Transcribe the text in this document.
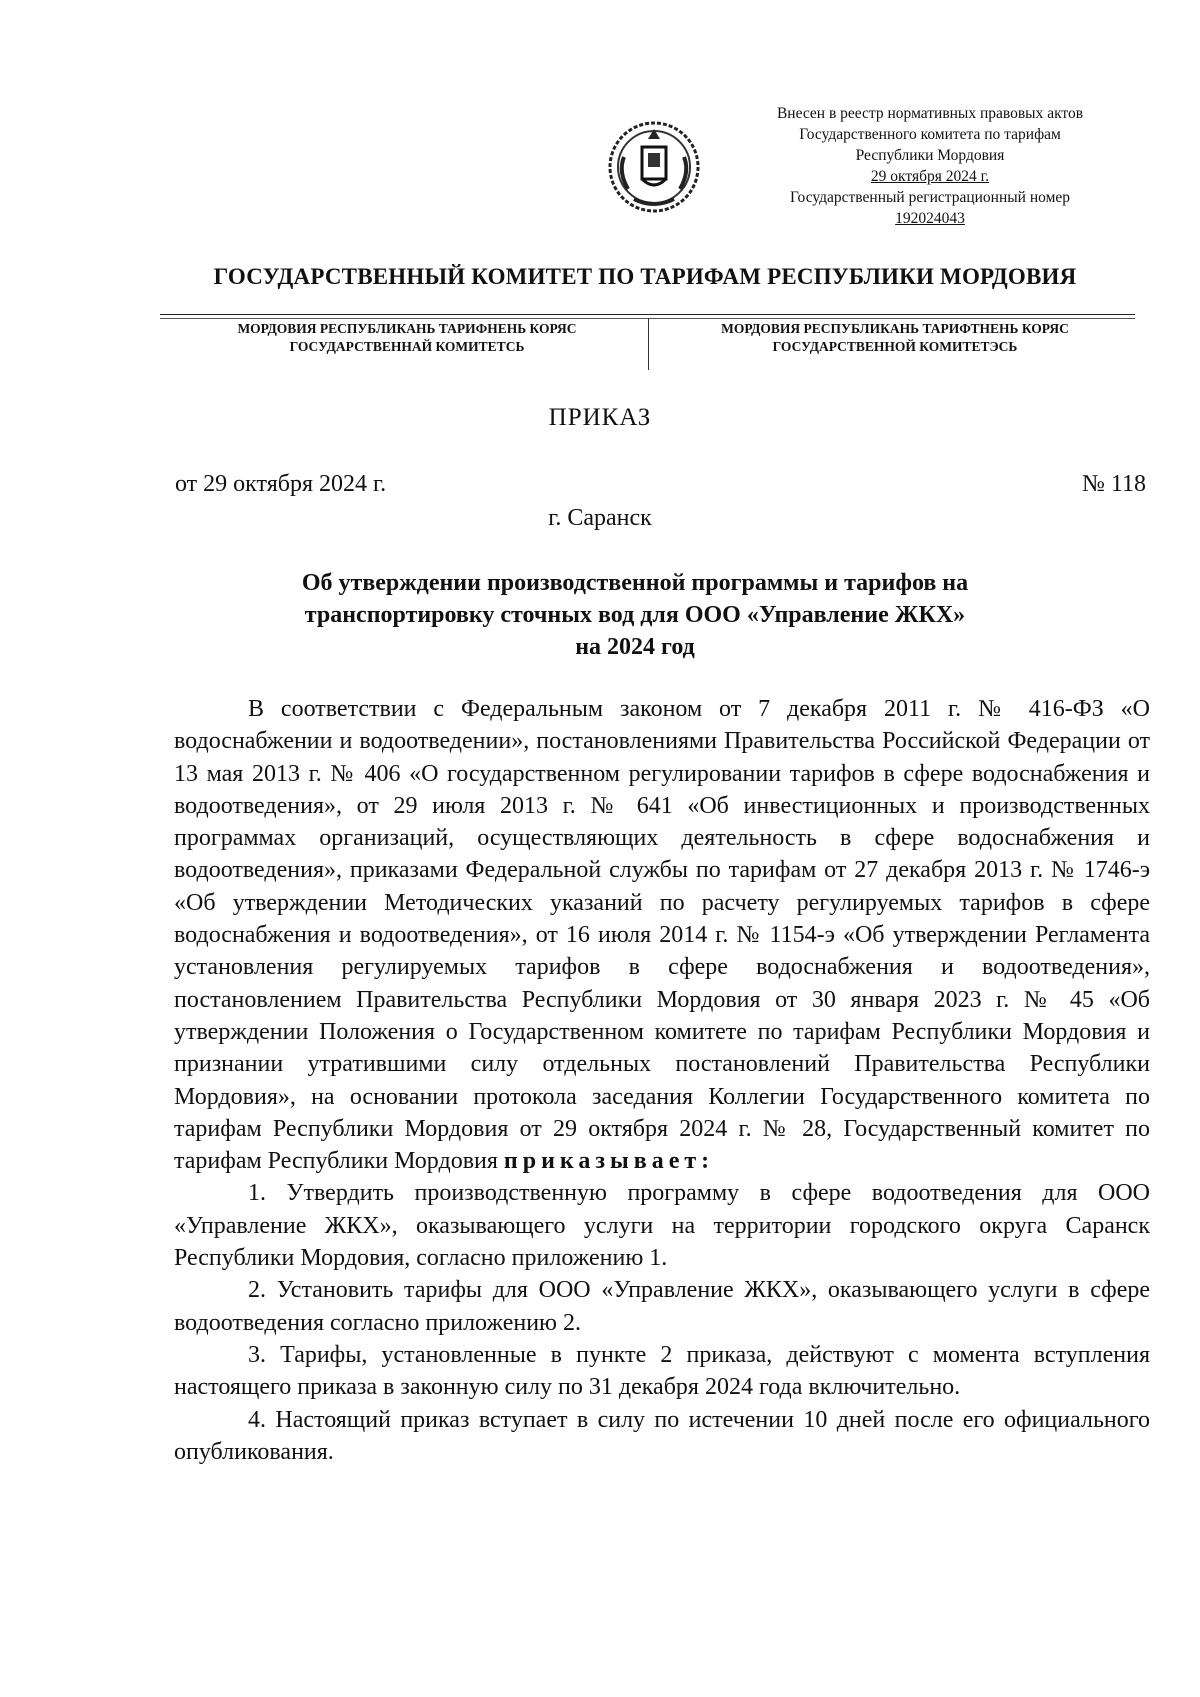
Внесен в реестр нормативных правовых актов
Государственного комитета по тарифам
Республики Мордовия
29 октября 2024 г.
Государственный регистрационный номер
192024043
ГОСУДАРСТВЕННЫЙ КОМИТЕТ ПО ТАРИФАМ РЕСПУБЛИКИ МОРДОВИЯ
МОРДОВИЯ РЕСПУБЛИКАНЬ ТАРИФНЕНЬ КОРЯС
ГОСУДАРСТВЕННАЙ КОМИТЕТСЬ
МОРДОВИЯ РЕСПУБЛИКАНЬ ТАРИФТНЕНЬ КОРЯС
ГОСУДАРСТВЕННОЙ КОМИТЕТЭСЬ
ПРИКАЗ
от 29 октября 2024 г.	№ 118
г. Саранск
Об утверждении производственной программы и тарифов на
транспортировку сточных вод для ООО «Управление ЖКХ»
на 2024 год

В соответствии с Федеральным законом от 7 декабря 2011 г. № 416-ФЗ «О водоснабжении и водоотведении», постановлениями Правительства Российской Федерации от 13 мая 2013 г. № 406 «О государственном регулировании тарифов в сфере водоснабжения и водоотведения», от 29 июля 2013 г. № 641 «Об инвестиционных и производственных программах организаций, осуществляющих деятельность в сфере водоснабжения и водоотведения», приказами Федеральной службы по тарифам от 27 декабря 2013 г. № 1746-э «Об утверждении Методических указаний по расчету регулируемых тарифов в сфере водоснабжения и водоотведения», от 16 июля 2014 г. № 1154-э «Об утверждении Регламента установления регулируемых тарифов в сфере водоснабжения и водоотведения», постановлением Правительства Республики Мордовия от 30 января 2023 г. № 45 «Об утверждении Положения о Государственном комитете по тарифам Республики Мордовия и признании утратившими силу отдельных постановлений Правительства Республики Мордовия», на основании протокола заседания Коллегии Государственного комитета по тарифам Республики Мордовия от 29 октября 2024 г. № 28, Государственный комитет по тарифам Республики Мордовия приказывает:

1. Утвердить производственную программу в сфере водоотведения для ООО «Управление ЖКХ», оказывающего услуги на территории городского округа Саранск Республики Мордовия, согласно приложению 1.

2. Установить тарифы для ООО «Управление ЖКХ», оказывающего услуги в сфере водоотведения согласно приложению 2.

3. Тарифы, установленные в пункте 2 приказа, действуют с момента вступления настоящего приказа в законную силу по 31 декабря 2024 года включительно.

4. Настоящий приказ вступает в силу по истечении 10 дней после его официального опубликования.
